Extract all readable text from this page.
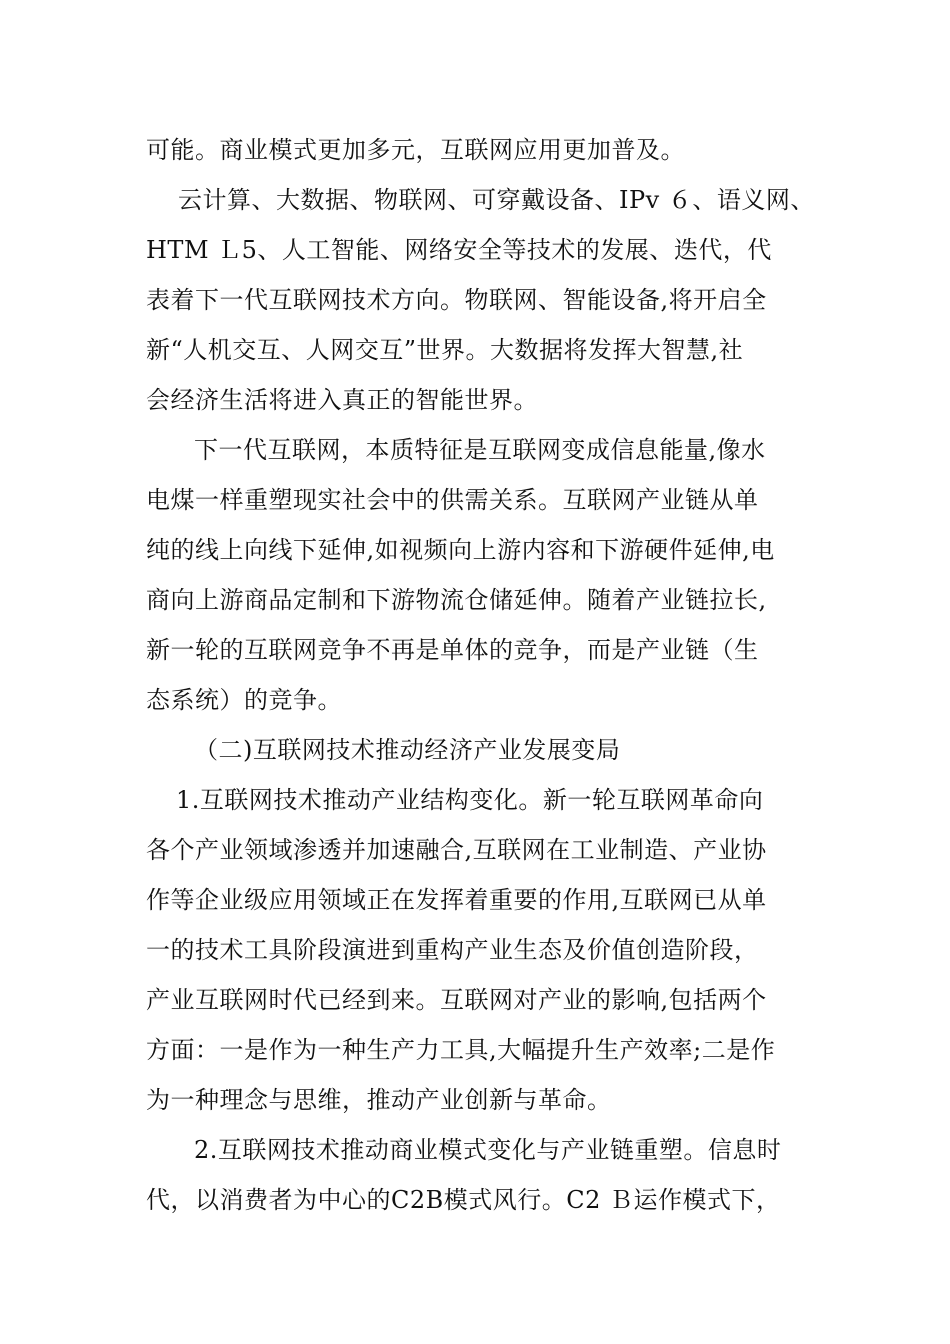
可能。商业模式更加多元，互联网应用更加普及。
云计算、大数据、物联网、可穿戴设备、IPv ６、语义网、
HTM Ｌ5、人工智能、网络安全等技术的发展、迭代，代
表着下一代互联网技术方向。物联网、智能设备,将开启全
新“人机交互、人网交互”世界。大数据将发挥大智慧,社
会经济生活将进入真正的智能世界。
下一代互联网，本质特征是互联网变成信息能量,像水
电煤一样重塑现实社会中的供需关系。互联网产业链从单
纯的线上向线下延伸,如视频向上游内容和下游硬件延伸,电
商向上游商品定制和下游物流仓储延伸。随着产业链拉长,
新一轮的互联网竞争不再是单体的竞争，而是产业链（生
态系统）的竞争。
（二)互联网技术推动经济产业发展变局
1.互联网技术推动产业结构变化。新一轮互联网革命向
各个产业领域渗透并加速融合,互联网在工业制造、产业协
作等企业级应用领域正在发挥着重要的作用,互联网已从单
一的技术工具阶段演进到重构产业生态及价值创造阶段，
产业互联网时代已经到来。互联网对产业的影响,包括两个
方面：一是作为一种生产力工具,大幅提升生产效率;二是作
为一种理念与思维，推动产业创新与革命。
2.互联网技术推动商业模式变化与产业链重塑。信息时
代，以消费者为中心的C2B模式风行。C2 Ｂ运作模式下，
